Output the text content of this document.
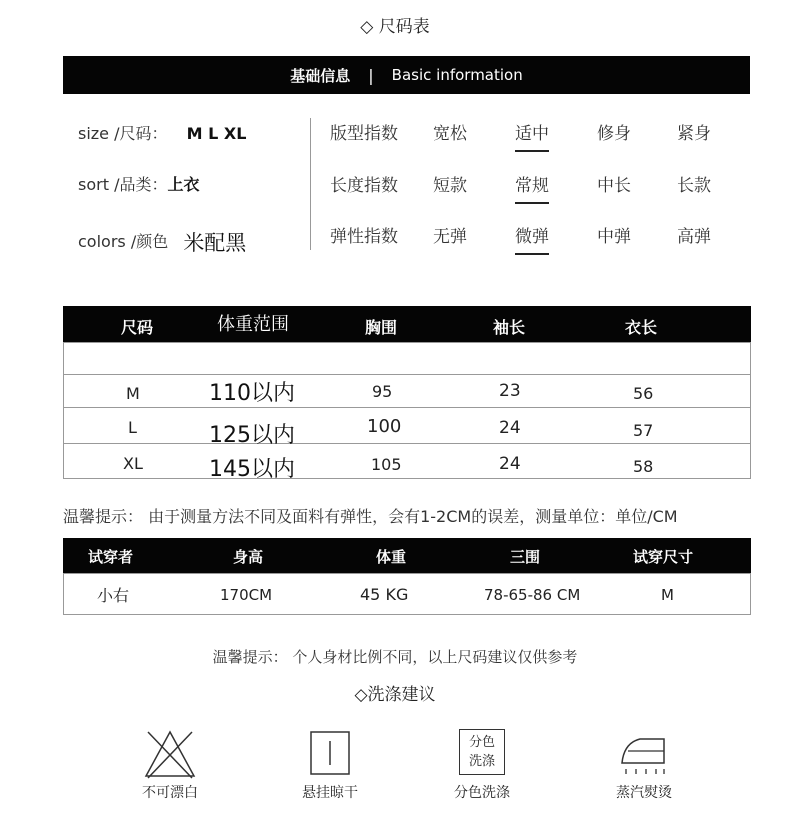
◇ 尺码表
基础信息 | Basic information
size /尺码： M L XL
sort /品类：上衣
colors /颜色 米配黑
版型指数 宽松	适中	修身	紧身
长度指数 短款	常规	中长	长款
弹性指数 无弹	微弹	中弹	高弹
尺码	体重范围	胸围	袖长	衣长
M	110以内	95	23	56
L	125以内	100	24	57
XL	145以内	105	24	58
温馨提示： 由于测量方法不同及面料有弹性，会有1-2CM的误差，测量单位：单位/CM
试穿者	身高	体重	三围	试穿尺寸
小右	170CM	45 KG	78-65-86 CM	M
温馨提示： 个人身材比例不同，以上尺码建议仅供参考
◇洗涤建议
分色
洗涤
不可漂白	悬挂晾干	分色洗涤	蒸汽熨烫
